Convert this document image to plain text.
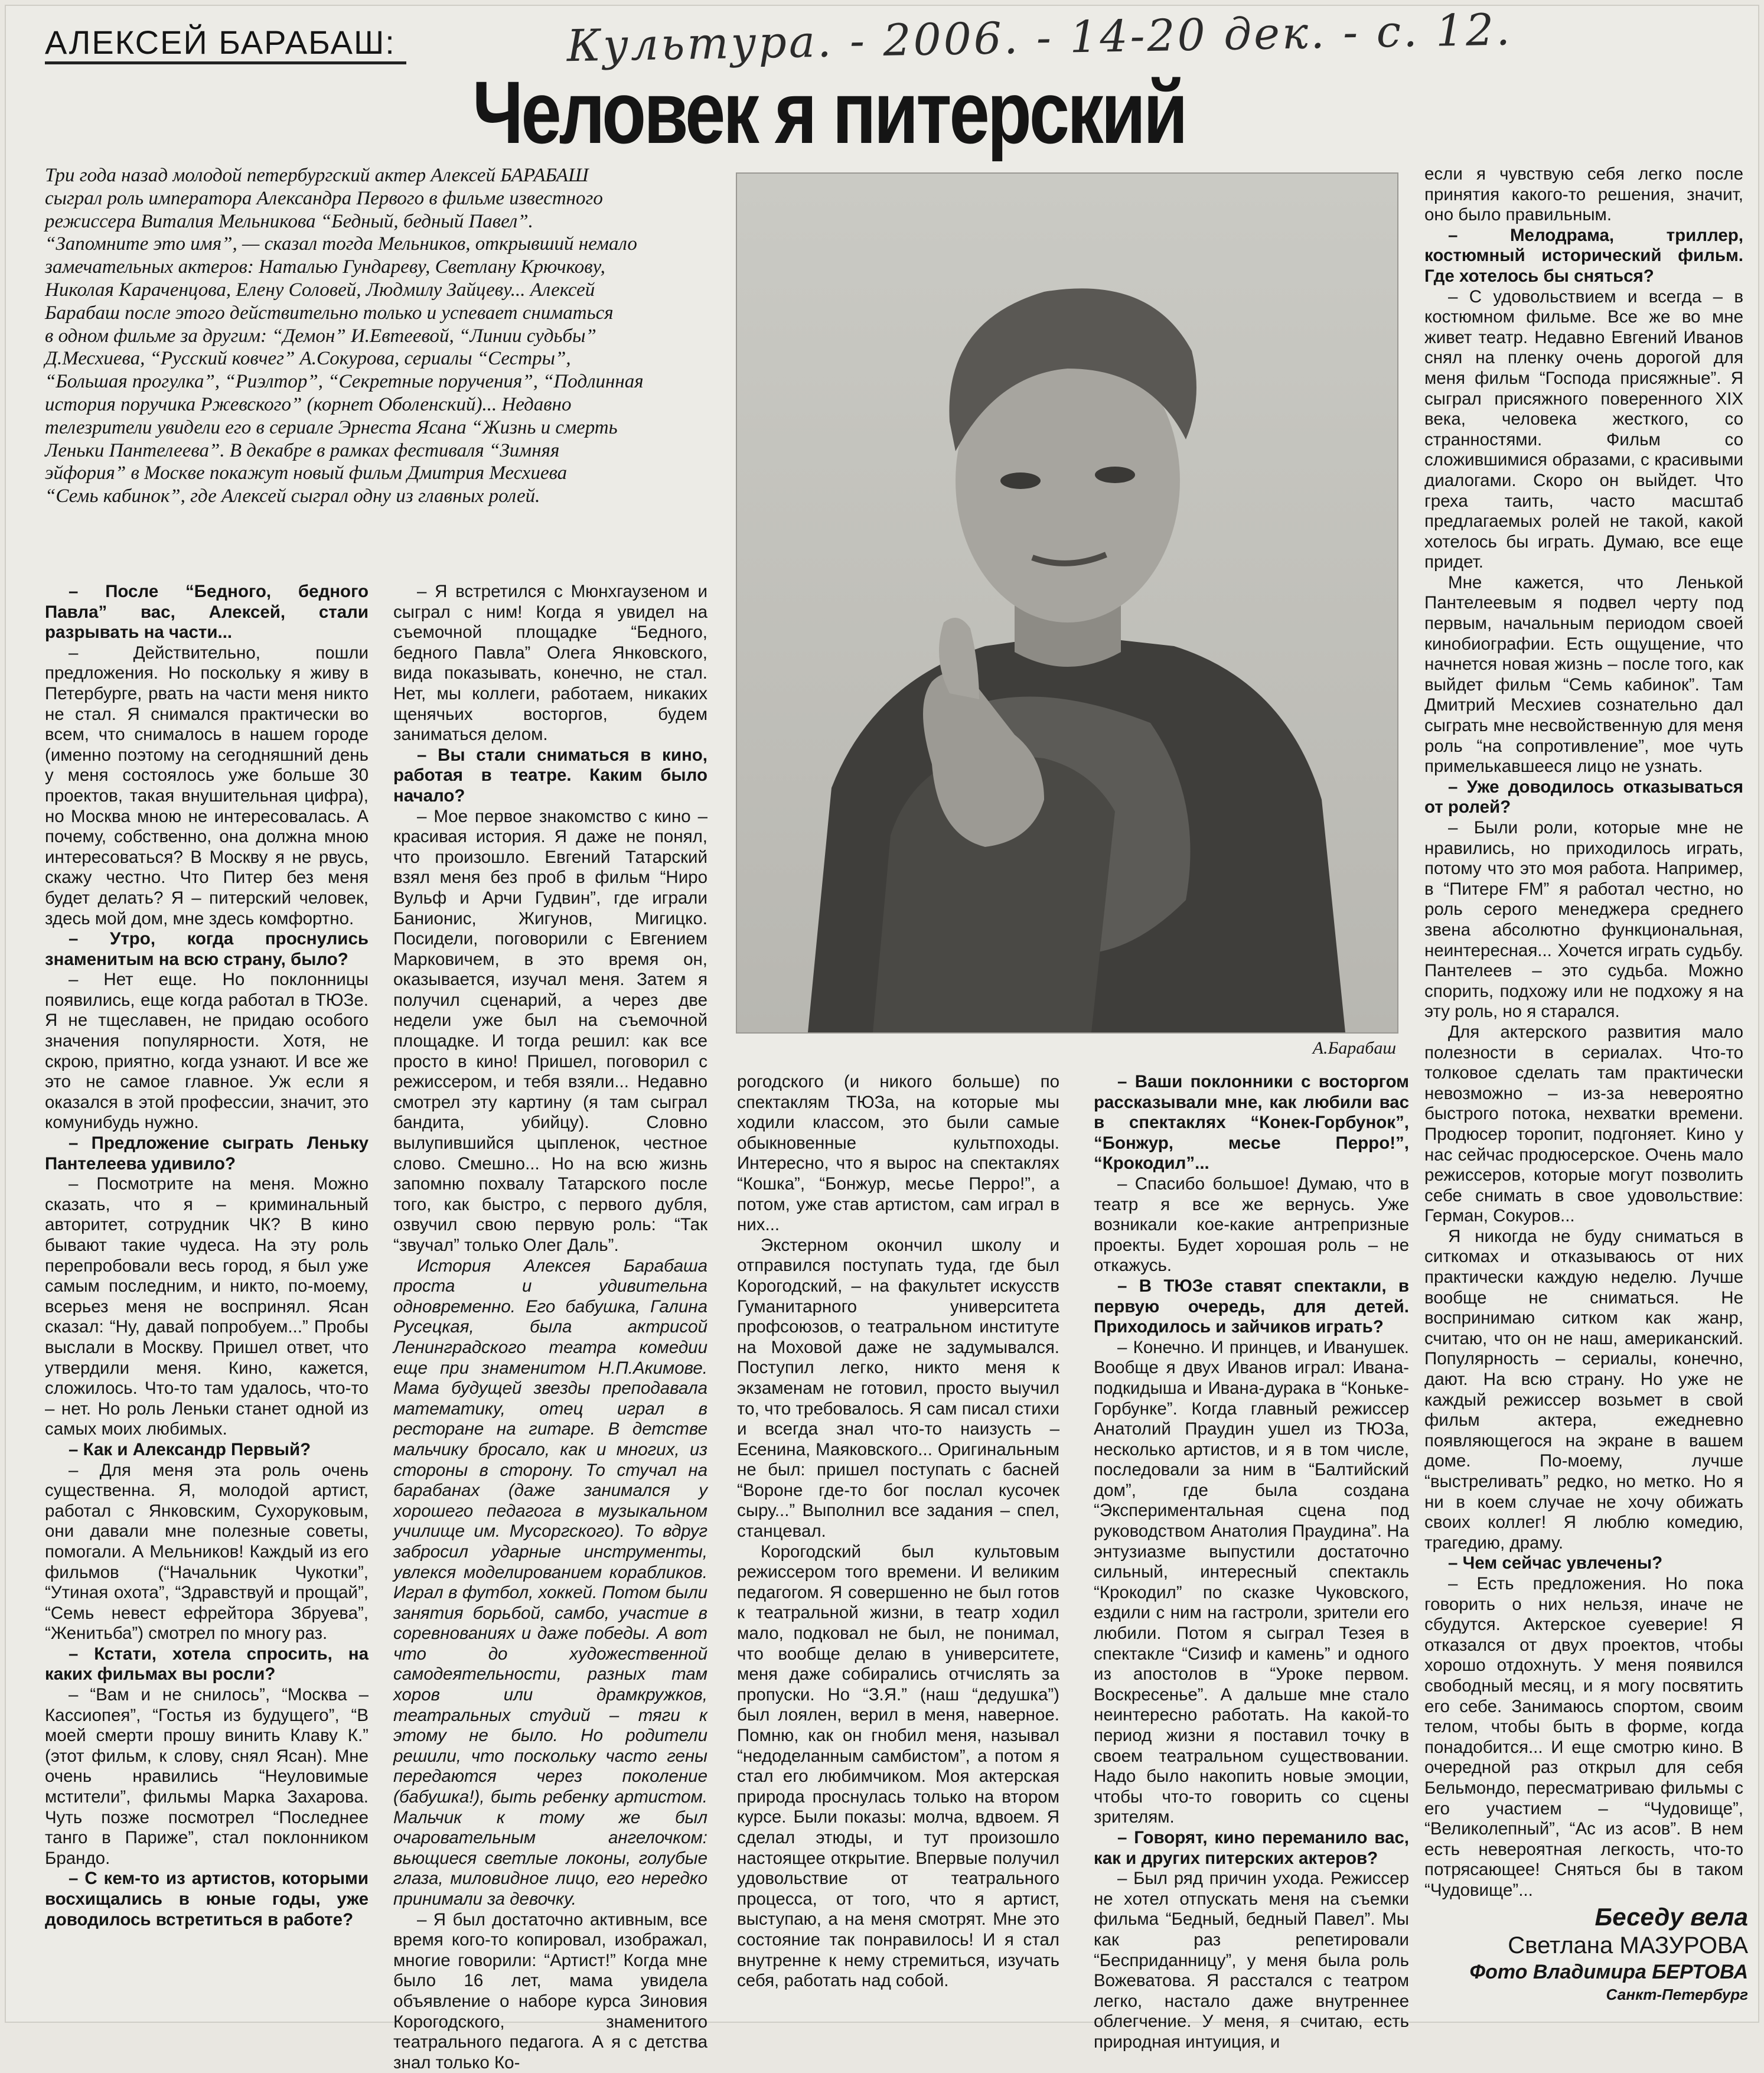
АЛЕКСЕЙ БАРАБАШ:	Культура. - 2006. - 14-20 дек. - с. 12.
Человек я питерский
Три года назад молодой петербургский актер Алексей БАРАБАШ
сыграл роль императора Александра Первого в фильме известного
режиссера Виталия Мельникова “Бедный, бедный Павел”.
“Запомните это имя”, — сказал тогда Мельников, открывший немало
замечательных актеров: Наталью Гундареву, Светлану Крючкову,
Николая Караченцова, Елену Соловей, Людмилу Зайцеву... Алексей
Барабаш после этого действительно только и успевает сниматься
в одном фильме за другим: “Демон” И.Евтеевой, “Линии судьбы”
Д.Месхиева, “Русский ковчег” А.Сокурова, сериалы “Сестры”,
“Большая прогулка”, “Риэлтор”, “Секретные поручения”, “Подлинная
история поручика Ржевского” (корнет Оболенский)... Недавно
телезрители увидели его в сериале Эрнеста Ясана “Жизнь и смерть
Леньки Пантелеева”. В декабре в рамках фестиваля “Зимняя
эйфория” в Москве покажут новый фильм Дмитрия Месхиева
“Семь кабинок”, где Алексей сыграл одну из главных ролей.
А.Барабаш

– После “Бедного, бедного Павла” вас, Алексей, стали разрывать на части...

– Действительно, пошли предложения. Но поскольку я живу в Петербурге, рвать на части меня никто не стал. Я снимался практически во всем, что снималось в нашем городе (именно поэтому на сегодняшний день у меня состоялось уже больше 30 проектов, такая внушительная цифра), но Москва мною не интересовалась. А почему, собственно, она должна мною интересоваться? В Москву я не рвусь, скажу честно. Что Питер без меня будет делать? Я – питерский человек, здесь мой дом, мне здесь комфортно.

– Утро, когда проснулись знаменитым на всю страну, было?

– Нет еще. Но поклонницы появились, еще когда работал в ТЮЗе. Я не тщеславен, не придаю особого значения популярности. Хотя, не скрою, приятно, когда узнают. И все же это не самое главное. Уж если я оказался в этой профессии, значит, это комунибудь нужно.

– Предложение сыграть Леньку Пантелеева удивило?

– Посмотрите на меня. Можно сказать, что я – криминальный авторитет, сотрудник ЧК? В кино бывают такие чудеса. На эту роль перепробовали весь город, я был уже самым последним, и никто, по-моему, всерьез меня не воспринял. Ясан сказал: “Ну, давай попробуем...” Пробы выслали в Москву. Пришел ответ, что утвердили меня. Кино, кажется, сложилось. Что-то там удалось, что-то – нет. Но роль Леньки станет одной из самых моих любимых.

– Как и Александр Первый?

– Для меня эта роль очень существенна. Я, молодой артист, работал с Янковским, Сухоруковым, они давали мне полезные советы, помогали. А Мельников! Каждый из его фильмов (“Начальник Чукотки”, “Утиная охота”, “Здравствуй и прощай”, “Семь невест ефрейтора Збруева”, “Женитьба”) смотрел по многу раз.

– Кстати, хотела спросить, на каких фильмах вы росли?

– “Вам и не снилось”, “Москва – Кассиопея”, “Гостья из будущего”, “В моей смерти прошу винить Клаву К.” (этот фильм, к слову, снял Ясан). Мне очень нравились “Неуловимые мстители”, фильмы Марка Захарова. Чуть позже посмотрел “Последнее танго в Париже”, стал поклонником Брандо.

– С кем-то из артистов, которыми восхищались в юные годы, уже доводилось встретиться в работе?

– Я встретился с Мюнхгаузеном и сыграл с ним! Когда я увидел на съемочной площадке “Бедного, бедного Павла” Олега Янковского, вида показывать, конечно, не стал. Нет, мы коллеги, работаем, никаких щенячьих восторгов, будем заниматься делом.

– Вы стали сниматься в кино, работая в театре. Каким было начало?

– Мое первое знакомство с кино – красивая история. Я даже не понял, что произошло. Евгений Татарский взял меня без проб в фильм “Ниро Вульф и Арчи Гудвин”, где играли Банионис, Жигунов, Мигицко. Посидели, поговорили с Евгением Марковичем, в это время он, оказывается, изучал меня. Затем я получил сценарий, а через две недели уже был на съемочной площадке. И тогда решил: как все просто в кино! Пришел, поговорил с режиссером, и тебя взяли... Недавно смотрел эту картину (я там сыграл бандита, убийцу). Словно вылупившийся цыпленок, честное слово. Смешно... Но на всю жизнь запомню похвалу Татарского после того, как быстро, с первого дубля, озвучил свою первую роль: “Так “звучал” только Олег Даль”.

История Алексея Барабаша проста и удивительна одновременно. Его бабушка, Галина Русецкая, была актрисой Ленинградского театра комедии еще при знаменитом Н.П.Акимове. Мама будущей звезды преподавала математику, отец играл в ресторане на гитаре. В детстве мальчику бросало, как и многих, из стороны в сторону. То стучал на барабанах (даже занимался у хорошего педагога в музыкальном училище им. Мусоргского). То вдруг забросил ударные инструменты, увлекся моделированием корабликов. Играл в футбол, хоккей. Потом были занятия борьбой, самбо, участие в соревнованиях и даже победы. А вот что до художественной самодеятельности, разных там хоров или драмкружков, театральных студий – тяги к этому не было. Но родители решили, что поскольку часто гены передаются через поколение (бабушка!), быть ребенку артистом. Мальчик к тому же был очаровательным ангелочком: вьющиеся светлые локоны, голубые глаза, миловидное лицо, его нередко принимали за девочку.

– Я был достаточно активным, все время кого-то копировал, изображал, многие говорили: “Артист!” Когда мне было 16 лет, мама увидела объявление о наборе курса Зиновия Корогодского, знаменитого театрального педагога. А я с детства знал только Ко-

рогодского (и никого больше) по спектаклям ТЮЗа, на которые мы ходили классом, это были самые обыкновенные культпоходы. Интересно, что я вырос на спектаклях “Кошка”, “Бонжур, месье Перро!”, а потом, уже став артистом, сам играл в них...

Экстерном окончил школу и отправился поступать туда, где был Корогодский, – на факультет искусств Гуманитарного университета профсоюзов, о театральном институте на Моховой даже не задумывался. Поступил легко, никто меня к экзаменам не готовил, просто выучил то, что требовалось. Я сам писал стихи и всегда знал что-то наизусть – Есенина, Маяковского... Оригинальным не был: пришел поступать с басней “Вороне где-то бог послал кусочек сыру...” Выполнил все задания – спел, станцевал.

Корогодский был культовым режиссером того времени. И великим педагогом. Я совершенно не был готов к театральной жизни, в театр ходил мало, подковал не был, не понимал, что вообще делаю в университете, меня даже собирались отчислять за пропуски. Но “З.Я.” (наш “дедушка”) был лоялен, верил в меня, наверное. Помню, как он гнобил меня, называл “недоделанным самбистом”, а потом я стал его любимчиком. Моя актерская природа проснулась только на втором курсе. Были показы: молча, вдвоем. Я сделал этюды, и тут произошло настоящее открытие. Впервые получил удовольствие от театрального процесса, от того, что я артист, выступаю, а на меня смотрят. Мне это состояние так понравилось! И я стал внутренне к нему стремиться, изучать себя, работать над собой.

– Ваши поклонники с восторгом рассказывали мне, как любили вас в спектаклях “Конек-Горбунок”, “Бонжур, месье Перро!”, “Крокодил”...

– Спасибо большое! Думаю, что в театр я все же вернусь. Уже возникали кое-какие антрепризные проекты. Будет хорошая роль – не откажусь.

– В ТЮЗе ставят спектакли, в первую очередь, для детей. Приходилось и зайчиков играть?

– Конечно. И принцев, и Иванушек. Вообще я двух Иванов играл: Ивана-подкидыша и Ивана-дурака в “Коньке-Горбунке”. Когда главный режиссер Анатолий Праудин ушел из ТЮЗа, несколько артистов, и я в том числе, последовали за ним в “Балтийский дом”, где была создана “Экспериментальная сцена под руководством Анатолия Праудина”. На энтузиазме выпустили достаточно сильный, интересный спектакль “Крокодил” по сказке Чуковского, ездили с ним на гастроли, зрители его любили. Потом я сыграл Тезея в спектакле “Сизиф и камень” и одного из апостолов в “Уроке первом. Воскресенье”. А дальше мне стало неинтересно работать. На какой-то период жизни я поставил точку в своем театральном существовании. Надо было накопить новые эмоции, чтобы что-то говорить со сцены зрителям.

– Говорят, кино переманило вас, как и других питерских актеров?

– Был ряд причин ухода. Режиссер не хотел отпускать меня на съемки фильма “Бедный, бедный Павел”. Мы как раз репетировали “Бесприданницу”, у меня была роль Вожеватова. Я расстался с театром легко, настало даже внутреннее облегчение. У меня, я считаю, есть природная интуиция, и

если я чувствую себя легко после принятия какого-то решения, значит, оно было правильным.

– Мелодрама, триллер, костюмный исторический фильм. Где хотелось бы сняться?

– С удовольствием и всегда – в костюмном фильме. Все же во мне живет театр. Недавно Евгений Иванов снял на пленку очень дорогой для меня фильм “Господа присяжные”. Я сыграл присяжного поверенного XIX века, человека жесткого, со странностями. Фильм со сложившимися образами, с красивыми диалогами. Скоро он выйдет. Что греха таить, часто масштаб предлагаемых ролей не такой, какой хотелось бы играть. Думаю, все еще придет.

Мне кажется, что Ленькой Пантелеевым я подвел черту под первым, начальным периодом своей кинобиографии. Есть ощущение, что начнется новая жизнь – после того, как выйдет фильм “Семь кабинок”. Там Дмитрий Месхиев сознательно дал сыграть мне несвойственную для меня роль “на сопротивление”, мое чуть примелькавшееся лицо не узнать.

– Уже доводилось отказываться от ролей?

– Были роли, которые мне не нравились, но приходилось играть, потому что это моя работа. Например, в “Питере FM” я работал честно, но роль серого менеджера среднего звена абсолютно функциональная, неинтересная... Хочется играть судьбу. Пантелеев – это судьба. Можно спорить, подхожу или не подхожу я на эту роль, но я старался.

Для актерского развития мало полезности в сериалах. Что-то толковое сделать там практически невозможно – из-за невероятно быстрого потока, нехватки времени. Продюсер торопит, подгоняет. Кино у нас сейчас продюсерское. Очень мало режиссеров, которые могут позволить себе снимать в свое удовольствие: Герман, Сокуров...

Я никогда не буду сниматься в ситкомах и отказываюсь от них практически каждую неделю. Лучше вообще не сниматься. Не воспринимаю ситком как жанр, считаю, что он не наш, американский. Популярность – сериалы, конечно, дают. На всю страну. Но уже не каждый режиссер возьмет в свой фильм актера, ежедневно появляющегося на экране в вашем доме. По-моему, лучше “выстреливать” редко, но метко. Но я ни в коем случае не хочу обижать своих коллег! Я люблю комедию, трагедию, драму.

– Чем сейчас увлечены?

– Есть предложения. Но пока говорить о них нельзя, иначе не сбудутся. Актерское суеверие! Я отказался от двух проектов, чтобы хорошо отдохнуть. У меня появился свободный месяц, и я могу посвятить его себе. Занимаюсь спортом, своим телом, чтобы быть в форме, когда понадобится... И еще смотрю кино. В очередной раз открыл для себя Бельмондо, пересматриваю фильмы с его участием – “Чудовище”, “Великолепный”, “Ас из асов”. В нем есть невероятная легкость, что-то потрясающее! Сняться бы в таком “Чудовище”...

Беседу вела
Светлана МАЗУРОВА
Фото Владимира БЕРТОВА
Санкт-Петербург
